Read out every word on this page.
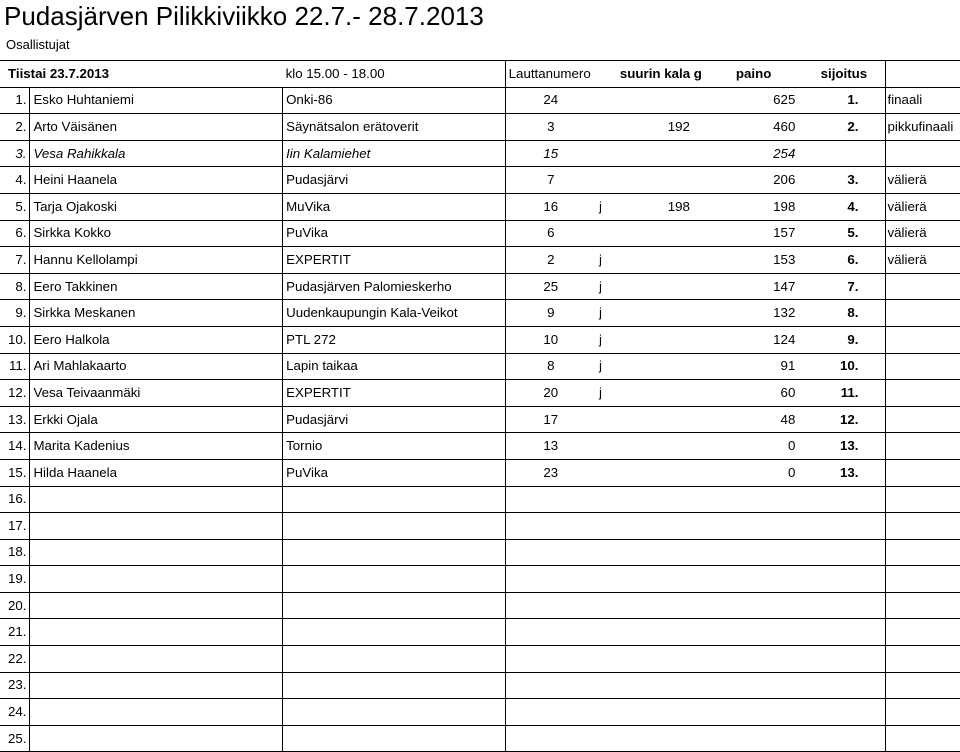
Pudasjärven Pilikkiviikko 22.7.- 28.7.2013
Osallistujat
Tiistai 23.7.2013		klo 15.00 - 18.00	Lauttanumero		suurin kala g	paino	sijoitus	
1.	Esko Huhtaniemi	Onki-86	24			625	1.	finaali
2.	Arto Väisänen	Säynätsalon erätoverit	3		192	460	2.	pikkufinaali
3.	Vesa Rahikkala	Iin Kalamiehet	15			254		
4.	Heini Haanela	Pudasjärvi	7			206	3.	välierä
5.	Tarja Ojakoski	MuVika	16	j	198	198	4.	välierä
6.	Sirkka Kokko	PuVika	6			157	5.	välierä
7.	Hannu Kellolampi	EXPERTIT	2	j		153	6.	välierä
8.	Eero Takkinen	Pudasjärven Palomieskerho	25	j		147	7.	
9.	Sirkka Meskanen	Uudenkaupungin Kala-Veikot	9	j		132	8.	
10.	Eero Halkola	PTL 272	10	j		124	9.	
11.	Ari Mahlakaarto	Lapin taikaa	8	j		91	10.	
12.	Vesa Teivaanmäki	EXPERTIT	20	j		60	11.	
13.	Erkki Ojala	Pudasjärvi	17			48	12.	
14.	Marita Kadenius	Tornio	13			0	13.	
15.	Hilda Haanela	PuVika	23			0	13.	
16.								
17.								
18.								
19.								
20.								
21.								
22.								
23.								
24.								
25.								
